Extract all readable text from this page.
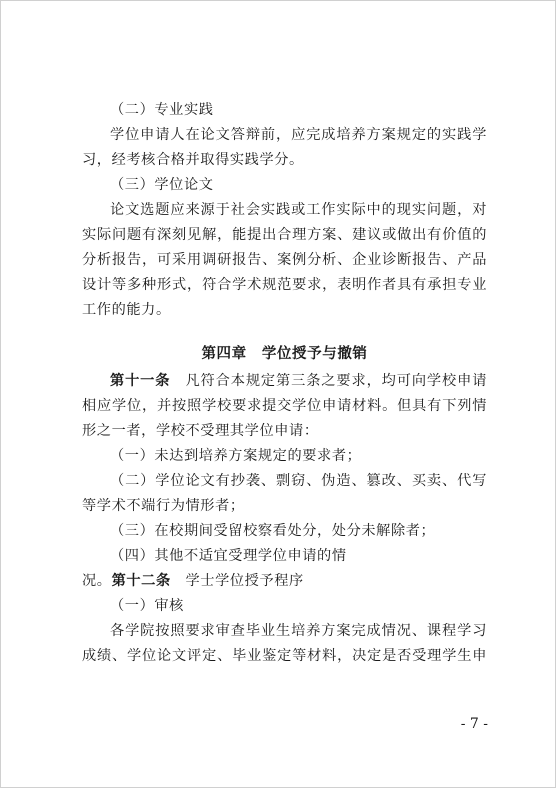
（二）专业实践
学位申请人在论文答辩前，应完成培养方案规定的实践学
习，经考核合格并取得实践学分。
（三）学位论文
论文选题应来源于社会实践或工作实际中的现实问题，对
实际问题有深刻见解，能提出合理方案、建议或做出有价值的
分析报告，可采用调研报告、案例分析、企业诊断报告、产品
设计等多种形式，符合学术规范要求，表明作者具有承担专业
工作的能力。
第四章　学位授予与撤销
第十一条　凡符合本规定第三条之要求，均可向学校申请
相应学位，并按照学校要求提交学位申请材料。但具有下列情
形之一者，学校不受理其学位申请：
（一）未达到培养方案规定的要求者；
（二）学位论文有抄袭、剽窃、伪造、篡改、买卖、代写
等学术不端行为情形者；
（三）在校期间受留校察看处分，处分未解除者；
（四）其他不适宜受理学位申请的情
况。第十二条　学士学位授予程序
（一）审核
各学院按照要求审查毕业生培养方案完成情况、课程学习
成绩、学位论文评定、毕业鉴定等材料，决定是否受理学生申
- 7 -
